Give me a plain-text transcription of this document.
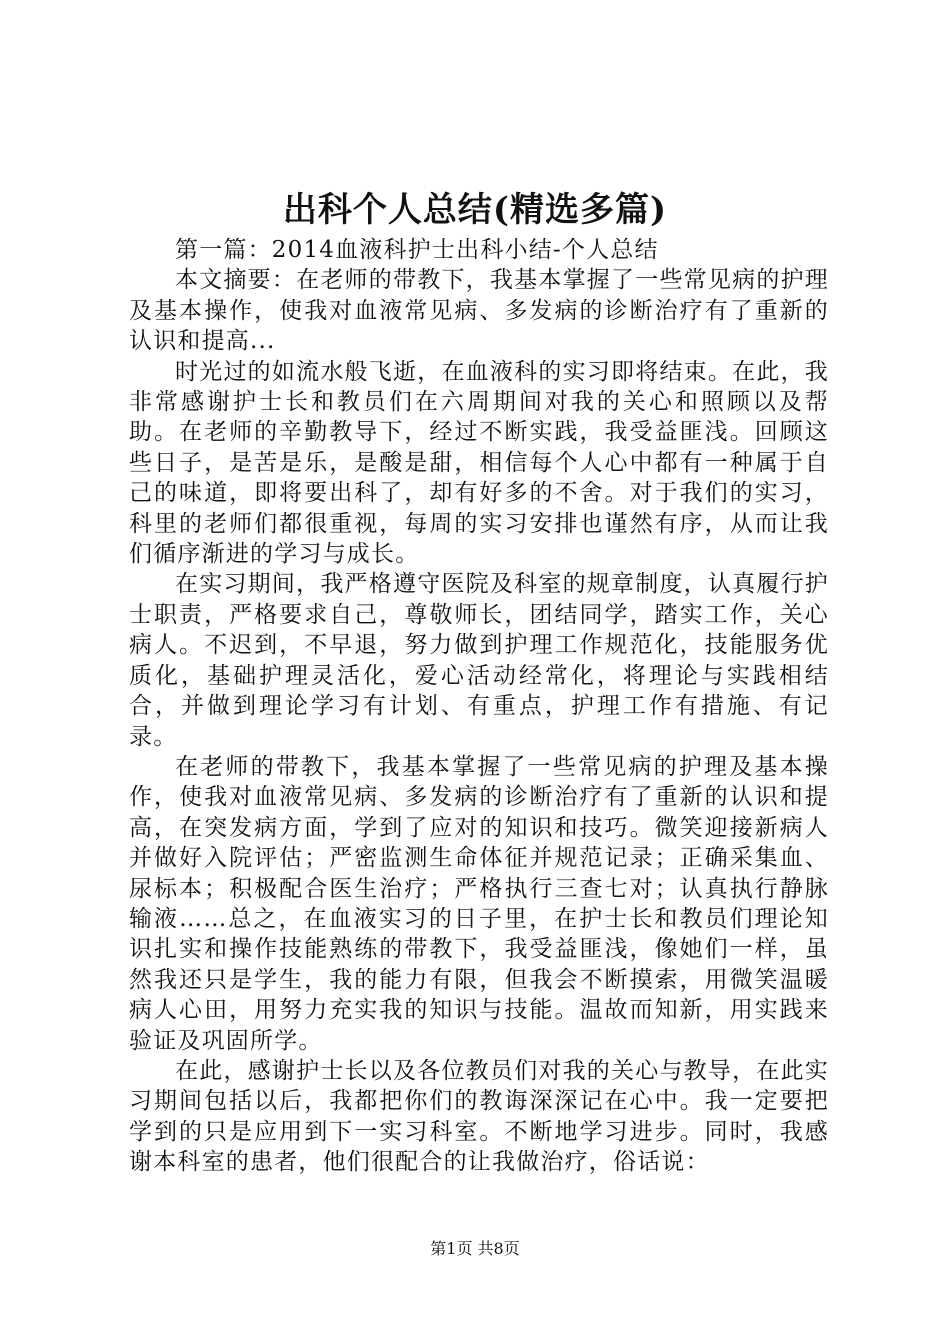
出科个人总结(精选多篇)

第一篇：2014血液科护士出科小结-个人总结

本文摘要：在老师的带教下，我基本掌握了一些常见病的护理及基本操作，使我对血液常见病、多发病的诊断治疗有了重新的认识和提高...

时光过的如流水般飞逝，在血液科的实习即将结束。在此，我非常感谢护士长和教员们在六周期间对我的关心和照顾以及帮助。在老师的辛勤教导下，经过不断实践，我受益匪浅。回顾这些日子，是苦是乐，是酸是甜，相信每个人心中都有一种属于自己的味道，即将要出科了，却有好多的不舍。对于我们的实习，科里的老师们都很重视，每周的实习安排也谨然有序，从而让我们循序渐进的学习与成长。

在实习期间，我严格遵守医院及科室的规章制度，认真履行护士职责，严格要求自己，尊敬师长，团结同学，踏实工作，关心病人。不迟到，不早退，努力做到护理工作规范化，技能服务优质化，基础护理灵活化，爱心活动经常化，将理论与实践相结合，并做到理论学习有计划、有重点，护理工作有措施、有记录。

在老师的带教下，我基本掌握了一些常见病的护理及基本操作，使我对血液常见病、多发病的诊断治疗有了重新的认识和提高，在突发病方面，学到了应对的知识和技巧。微笑迎接新病人并做好入院评估；严密监测生命体征并规范记录；正确采集血、尿标本；积极配合医生治疗；严格执行三查七对；认真执行静脉输液……总之，在血液实习的日子里，在护士长和教员们理论知识扎实和操作技能熟练的带教下，我受益匪浅，像她们一样，虽然我还只是学生，我的能力有限，但我会不断摸索，用微笑温暖病人心田，用努力充实我的知识与技能。温故而知新，用实践来验证及巩固所学。

在此，感谢护士长以及各位教员们对我的关心与教导，在此实习期间包括以后，我都把你们的教诲深深记在心中。我一定要把学到的只是应用到下一实习科室。不断地学习进步。同时，我感谢本科室的患者，他们很配合的让我做治疗，俗话说：

第1页 共8页
